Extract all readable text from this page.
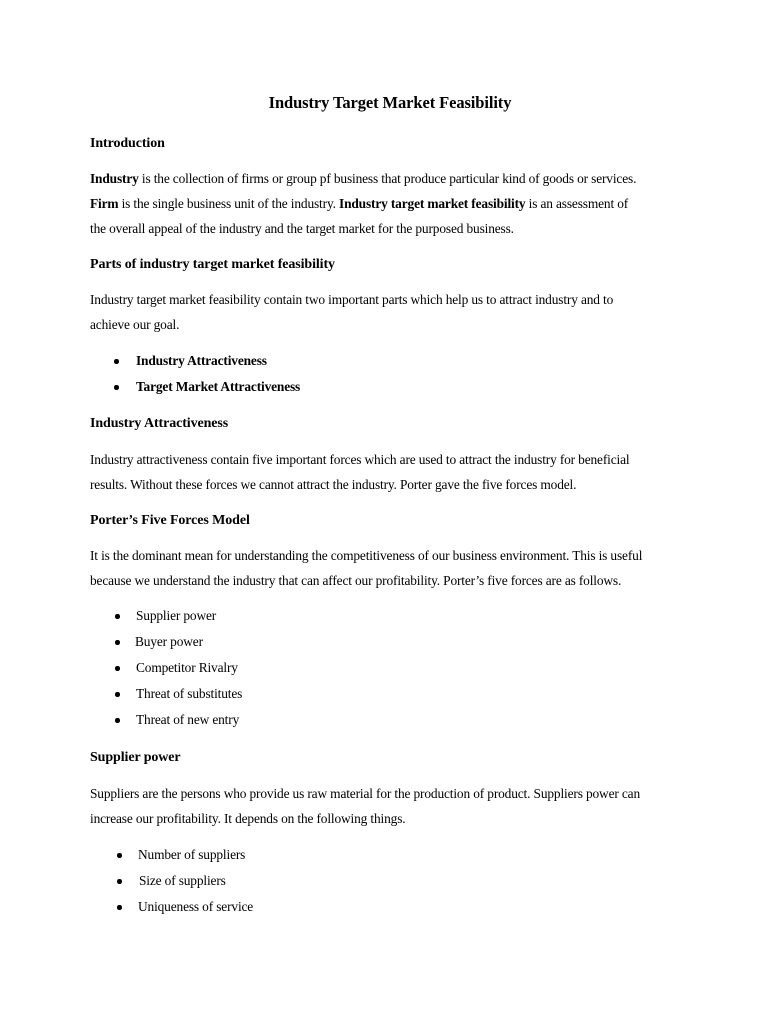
Industry Target Market Feasibility
Introduction
Industry is the collection of firms or group pf business that produce particular kind of goods or services.
Firm is the single business unit of the industry. Industry target market feasibility is an assessment of
the overall appeal of the industry and the target market for the purposed business.
Parts of industry target market feasibility
Industry target market feasibility contain two important parts which help us to attract industry and to
achieve our goal.
Industry Attractiveness
Target Market Attractiveness
Industry Attractiveness
Industry attractiveness contain five important forces which are used to attract the industry for beneficial
results. Without these forces we cannot attract the industry. Porter gave the five forces model.
Porter’s Five Forces Model
It is the dominant mean for understanding the competitiveness of our business environment. This is useful
because we understand the industry that can affect our profitability. Porter’s five forces are as follows.
Supplier power
Buyer power
Competitor Rivalry
Threat of substitutes
Threat of new entry
Supplier power
Suppliers are the persons who provide us raw material for the production of product. Suppliers power can
increase our profitability. It depends on the following things.
Number of suppliers
Size of suppliers
Uniqueness of service
